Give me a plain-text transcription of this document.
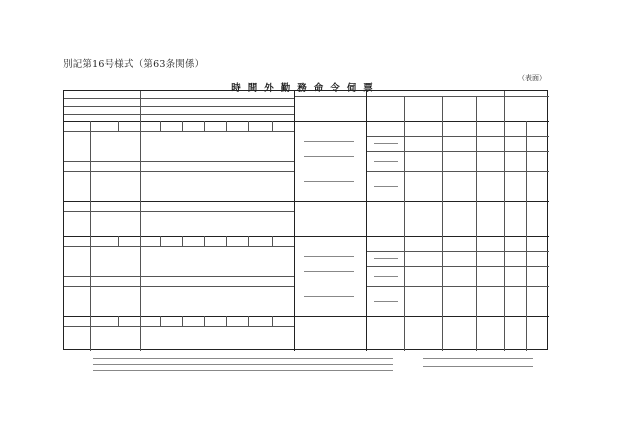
別記第16号様式（第63条関係）
（表面）
時間外勤務命令伺票
